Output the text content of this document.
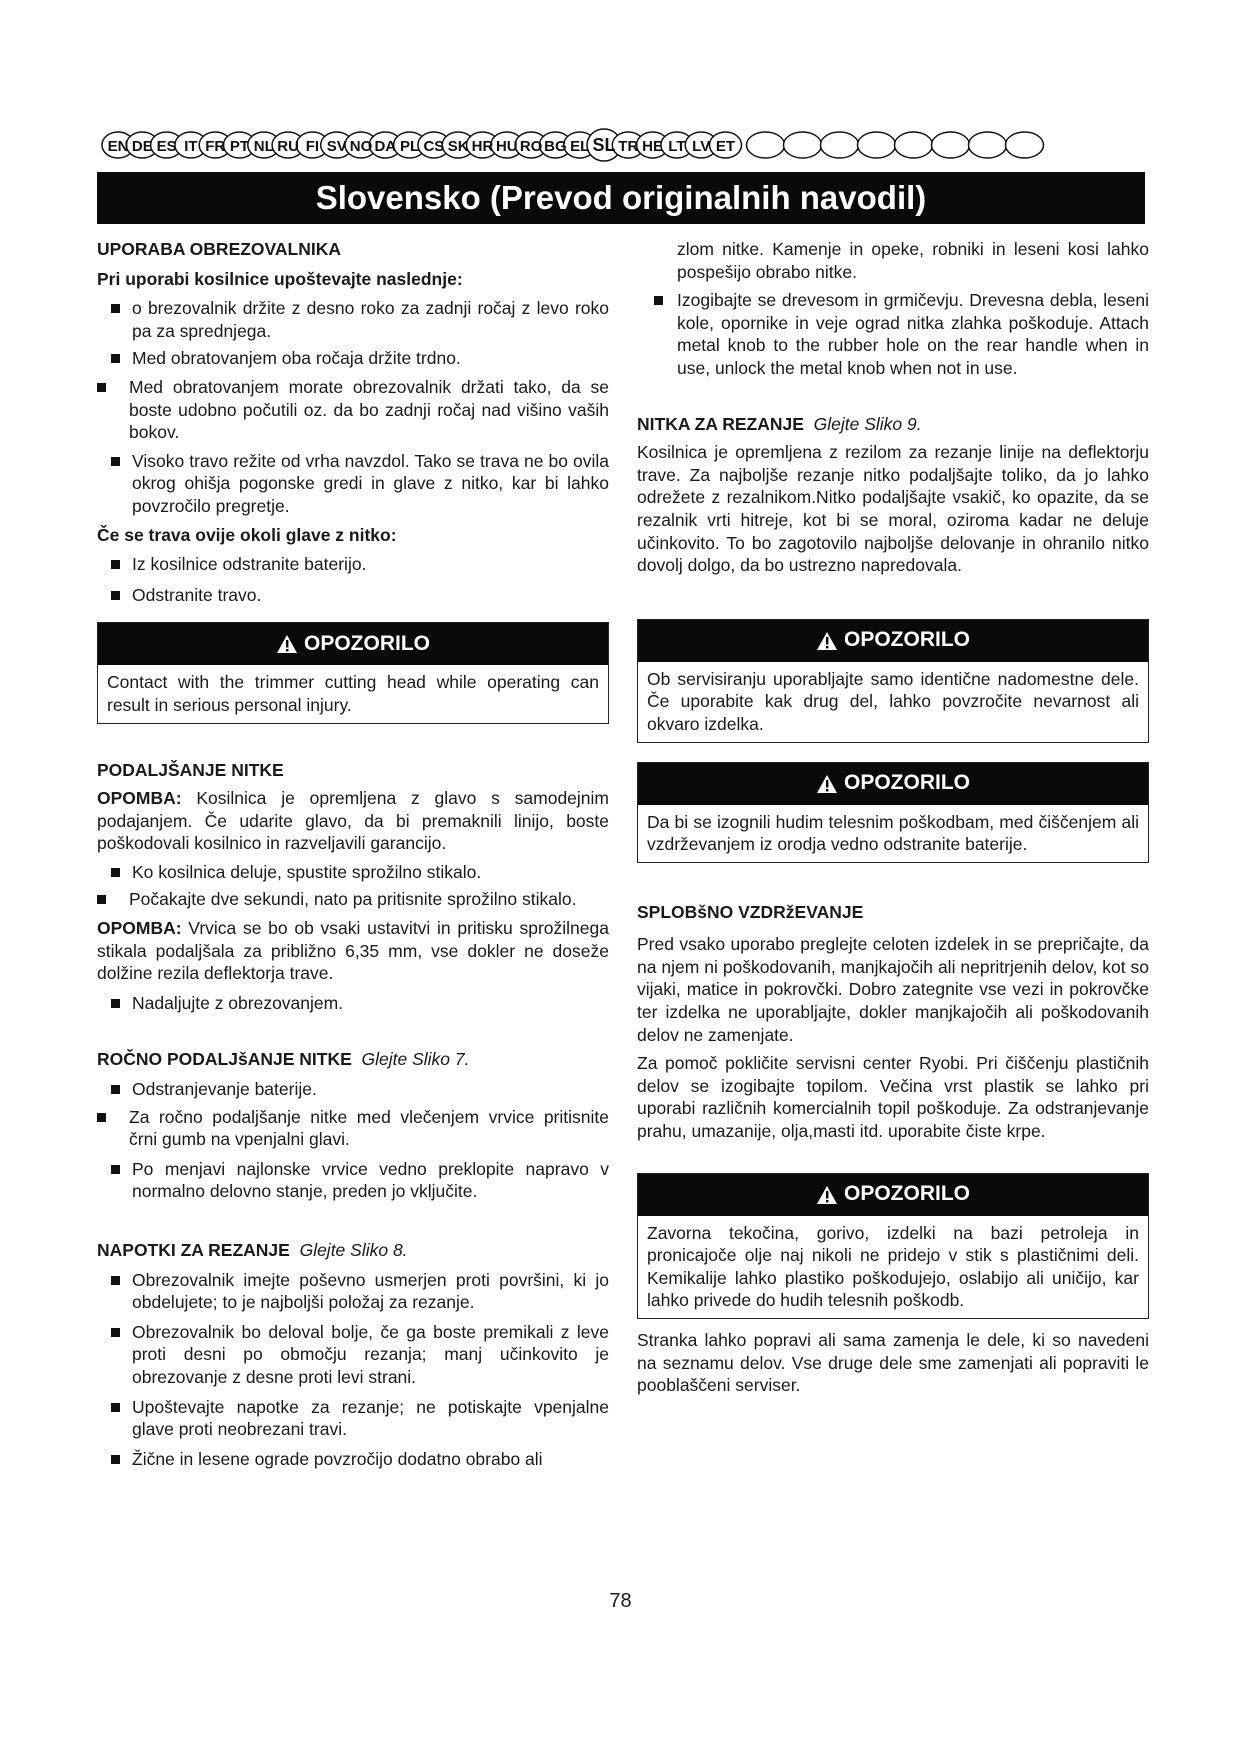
EN DE ES IT FR PT NL RU FI SV NO DA PL CS SK HR HU RO BG EL SL TR HE LT LV ET
Slovensko (Prevod originalnih navodil)

UPORABA OBREZOVALNIKA

Pri uporabi kosilnice upoštevajte naslednje:

o brezovalnik držite z desno roko za zadnji ročaj z levo roko pa za sprednjega.
Med obratovanjem oba ročaja držite trdno.
Med obratovanjem morate obrezovalnik držati tako, da se boste udobno počutili oz. da bo zadnji ročaj nad višino vaših bokov.
Visoko travo režite od vrha navzdol. Tako se trava ne bo ovila okrog ohišja pogonske gredi in glave z nitko, kar bi lahko povzročilo pregretje.

Če se trava ovije okoli glave z nitko:

Iz kosilnice odstranite baterijo.
Odstranite travo.
OPOZORILO
Contact with the trimmer cutting head while operating can result in serious personal injury.

PODALJŠANJE NITKE

OPOMBA: Kosilnica je opremljena z glavo s samodejnim podajanjem. Če udarite glavo, da bi premaknili linijo, boste poškodovali kosilnico in razveljavili garancijo.

Ko kosilnica deluje, spustite sprožilno stikalo.
Počakajte dve sekundi, nato pa pritisnite sprožilno stikalo.

OPOMBA: Vrvica se bo ob vsaki ustavitvi in pritisku sprožilnega stikala podaljšala za približno 6,35 mm, vse dokler ne doseže dolžine rezila deflektorja trave.

Nadaljujte z obrezovanjem.

ROČNO PODALJšANJE NITKE Glejte Sliko 7.

Odstranjevanje baterije.
Za ročno podaljšanje nitke med vlečenjem vrvice pritisnite črni gumb na vpenjalni glavi.
Po menjavi najlonske vrvice vedno preklopite napravo v normalno delovno stanje, preden jo vključite.

NAPOTKI ZA REZANJE Glejte Sliko 8.

Obrezovalnik imejte poševno usmerjen proti površini, ki jo obdelujete; to je najboljši položaj za rezanje.
Obrezovalnik bo deloval bolje, če ga boste premikali z leve proti desni po območju rezanja; manj učinkovito je obrezovanje z desne proti levi strani.
Upoštevajte napotke za rezanje; ne potiskajte vpenjalne glave proti neobrezani travi.
Žične in lesene ograde povzročijo dodatno obrabo ali

zlom nitke. Kamenje in opeke, robniki in leseni kosi lahko pospešijo obrabo nitke.

Izogibajte se drevesom in grmičevju. Drevesna debla, leseni kole, opornike in veje ograd nitka zlahka poškoduje. Attach metal knob to the rubber hole on the rear handle when in use, unlock the metal knob when not in use.

NITKA ZA REZANJE Glejte Sliko 9.

Kosilnica je opremljena z rezilom za rezanje linije na deflektorju trave. Za najboljše rezanje nitko podaljšajte toliko, da jo lahko odrežete z rezalnikom.Nitko podaljšajte vsakič, ko opazite, da se rezalnik vrti hitreje, kot bi se moral, oziroma kadar ne deluje učinkovito. To bo zagotovilo najboljše delovanje in ohranilo nitko dovolj dolgo, da bo ustrezno napredovala.

OPOZORILO
Ob servisiranju uporabljajte samo identične nadomestne dele. Če uporabite kak drug del, lahko povzročite nevarnost ali okvaro izdelka.
OPOZORILO
Da bi se izognili hudim telesnim poškodbam, med čiščenjem ali vzdrževanjem iz orodja vedno odstranite baterije.

SPLOBšNO VZDRžEVANJE

Pred vsako uporabo preglejte celoten izdelek in se prepričajte, da na njem ni poškodovanih, manjkajočih ali nepritrjenih delov, kot so vijaki, matice in pokrovčki. Dobro zategnite vse vezi in pokrovčke ter izdelka ne uporabljajte, dokler manjkajočih ali poškodovanih delov ne zamenjate.

Za pomoč pokličite servisni center Ryobi. Pri čiščenju plastičnih delov se izogibajte topilom. Večina vrst plastik se lahko pri uporabi različnih komercialnih topil poškoduje. Za odstranjevanje prahu, umazanije, olja,masti itd. uporabite čiste krpe.

OPOZORILO
Zavorna tekočina, gorivo, izdelki na bazi petroleja in pronicajoče olje naj nikoli ne pridejo v stik s plastičnimi deli. Kemikalije lahko plastiko poškodujejo, oslabijo ali uničijo, kar lahko privede do hudih telesnih poškodb.

Stranka lahko popravi ali sama zamenja le dele, ki so navedeni na seznamu delov. Vse druge dele sme zamenjati ali popraviti le pooblaščeni serviser.

78
